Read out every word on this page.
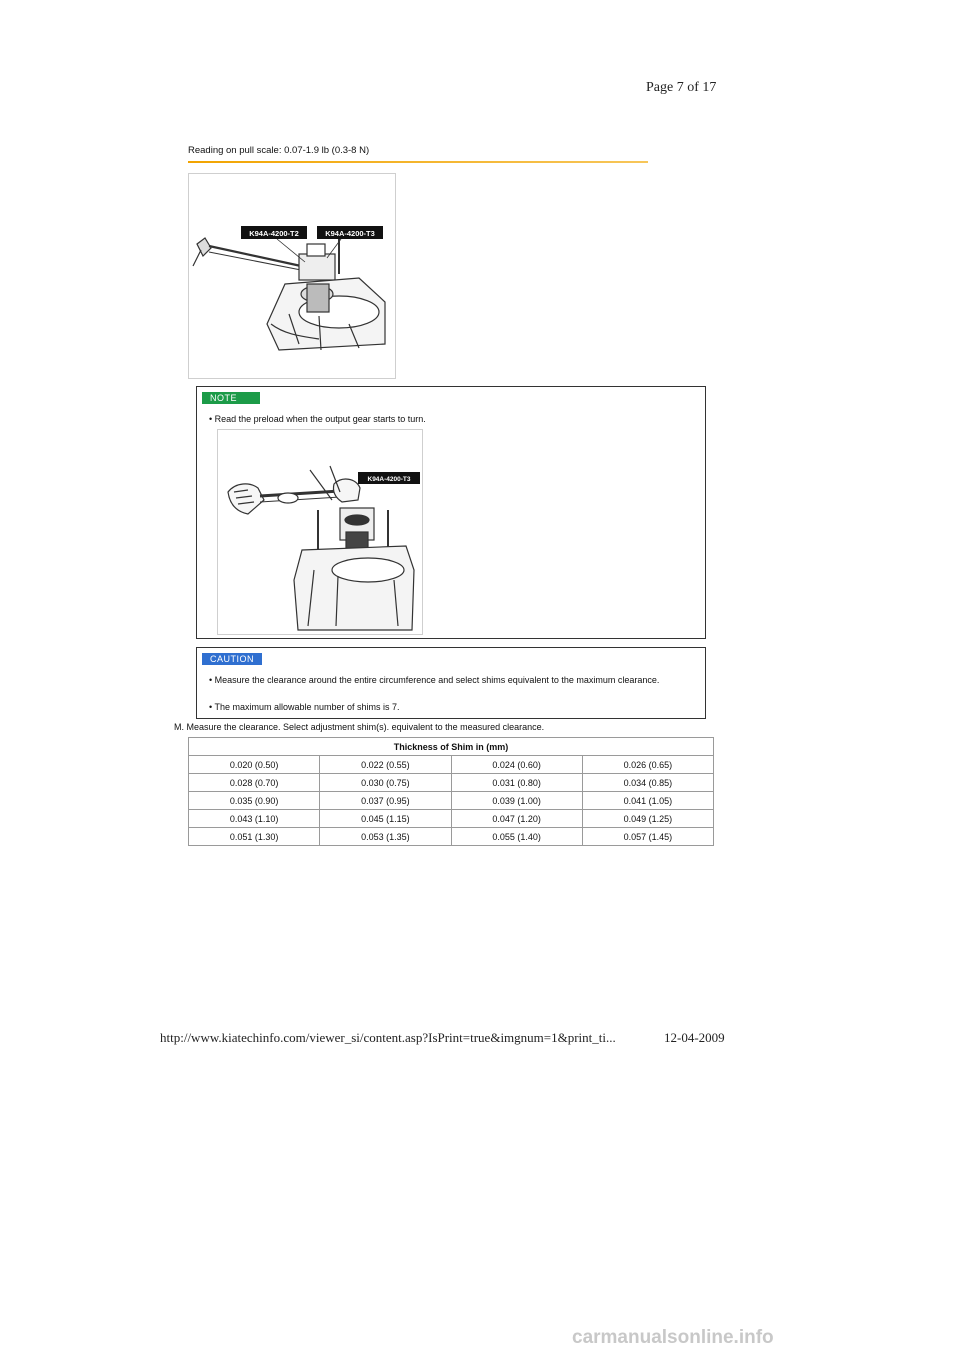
Page 7 of 17
Reading on pull scale: 0.07-1.9 lb (0.3-8 N)
K94A-4200-T2	K94A-4200-T3
NOTE
• Read the preload when the output gear starts to turn.
K94A-4200-T3
CAUTION
• Measure the clearance around the entire circumference and select shims equivalent to the maximum clearance.
• The maximum allowable number of shims is 7.
M. Measure the clearance. Select adjustment shim(s). equivalent to the measured clearance.
Thickness of Shim in (mm)			
0.020 (0.50)	0.022 (0.55)	0.024 (0.60)	0.026 (0.65)
0.028 (0.70)	0.030 (0.75)	0.031 (0.80)	0.034 (0.85)
0.035 (0.90)	0.037 (0.95)	0.039 (1.00)	0.041 (1.05)
0.043 (1.10)	0.045 (1.15)	0.047 (1.20)	0.049 (1.25)
0.051 (1.30)	0.053 (1.35)	0.055 (1.40)	0.057 (1.45)
http://www.kiatechinfo.com/viewer_si/content.asp?IsPrint=true&imgnum=1&print_ti...	12-04-2009
carmanualsonline.info
